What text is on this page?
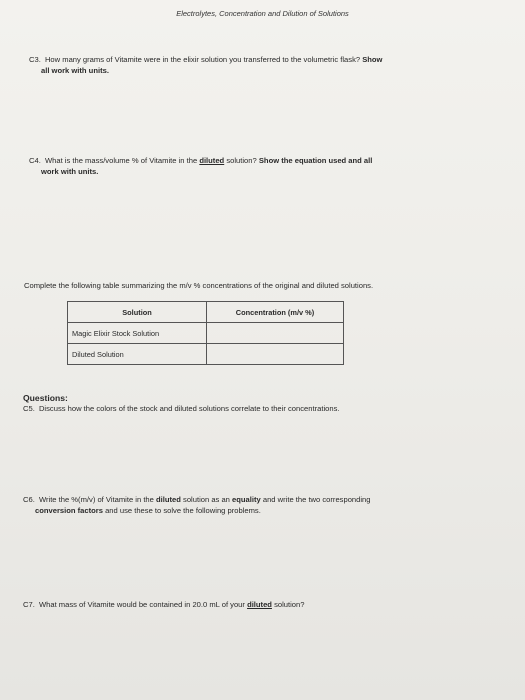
Electrolytes, Concentration and Dilution of Solutions
C3. How many grams of Vitamite were in the elixir solution you transferred to the volumetric flask? Show
all work with units.
C4. What is the mass/volume % of Vitamite in the diluted solution? Show the equation used and all
work with units.
Complete the following table summarizing the m/v % concentrations of the original and diluted solutions.
Solution	Concentration (m/v %)
Magic Elixir Stock Solution	
Diluted Solution	
Questions:
C5. Discuss how the colors of the stock and diluted solutions correlate to their concentrations.
C6. Write the %(m/v) of Vitamite in the diluted solution as an equality and write the two corresponding
conversion factors and use these to solve the following problems.
C7. What mass of Vitamite would be contained in 20.0 mL of your diluted solution?
